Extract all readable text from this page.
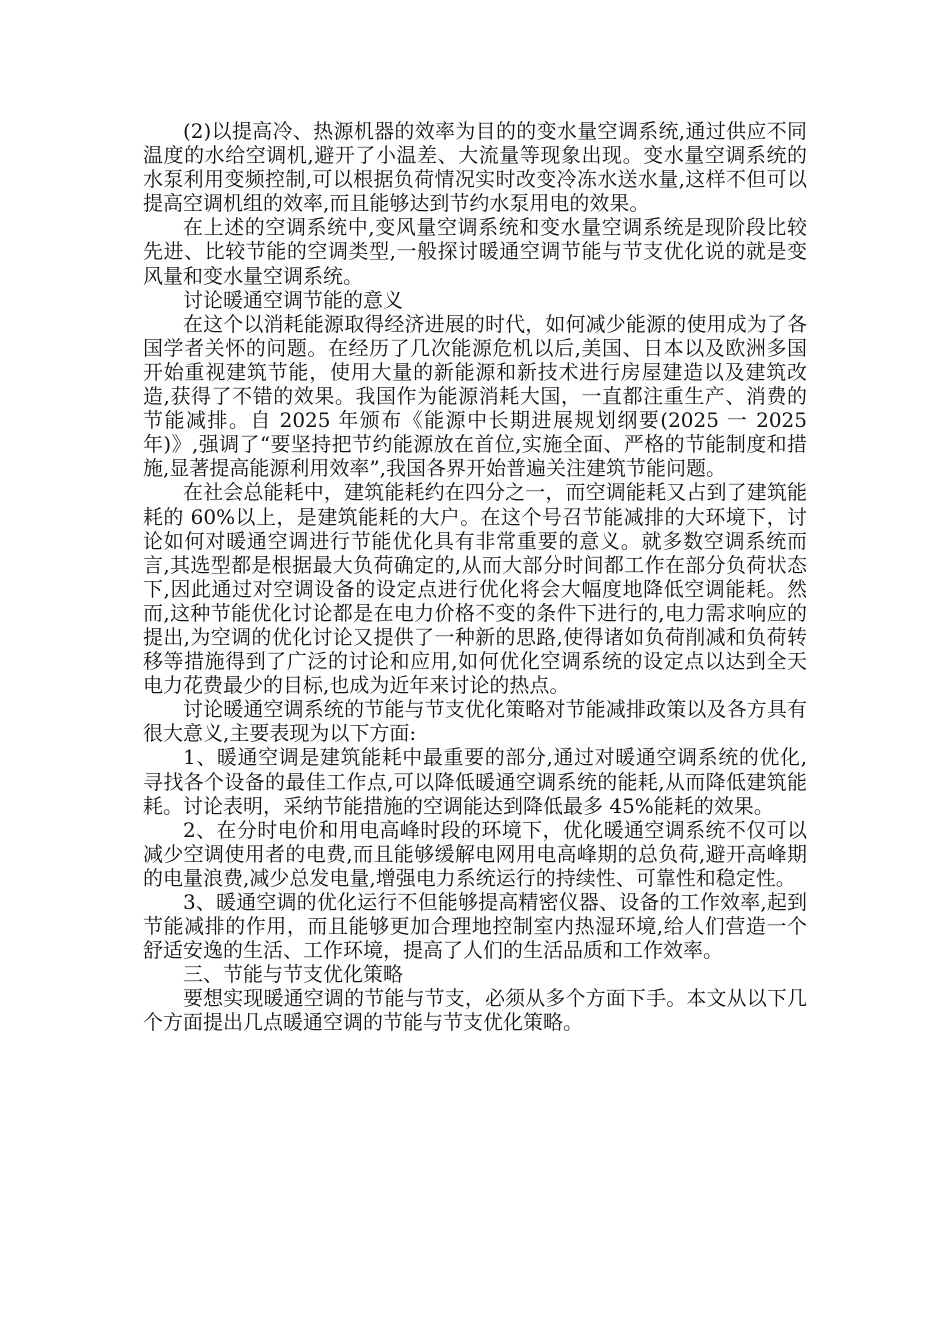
(2)以提高冷、热源机器的效率为目的的变水量空调系统,通过供应不同温度的水给空调机,避开了小温差、大流量等现象出现。变水量空调系统的水泵利用变频控制,可以根据负荷情况实时改变冷冻水送水量,这样不但可以提高空调机组的效率,而且能够达到节约水泵用电的效果。

在上述的空调系统中,变风量空调系统和变水量空调系统是现阶段比较先进、比较节能的空调类型,一般探讨暖通空调节能与节支优化说的就是变风量和变水量空调系统。

讨论暖通空调节能的意义

在这个以消耗能源取得经济进展的时代，如何减少能源的使用成为了各国学者关怀的问题。在经历了几次能源危机以后,美国、日本以及欧洲多国开始重视建筑节能，使用大量的新能源和新技术进行房屋建造以及建筑改造,获得了不错的效果。我国作为能源消耗大国，一直都注重生产、消费的节能减排。自 2025 年颁布《能源中长期进展规划纲要(2025 一 2025 年)》,强调了“要坚持把节约能源放在首位,实施全面、严格的节能制度和措施,显著提高能源利用效率”,我国各界开始普遍关注建筑节能问题。

在社会总能耗中，建筑能耗约在四分之一，而空调能耗又占到了建筑能耗的 60%以上，是建筑能耗的大户。在这个号召节能减排的大环境下，讨论如何对暖通空调进行节能优化具有非常重要的意义。就多数空调系统而言,其选型都是根据最大负荷确定的,从而大部分时间都工作在部分负荷状态下,因此通过对空调设备的设定点进行优化将会大幅度地降低空调能耗。然而,这种节能优化讨论都是在电力价格不变的条件下进行的,电力需求响应的提出,为空调的优化讨论又提供了一种新的思路,使得诸如负荷削减和负荷转移等措施得到了广泛的讨论和应用,如何优化空调系统的设定点以达到全天电力花费最少的目标,也成为近年来讨论的热点。

讨论暖通空调系统的节能与节支优化策略对节能减排政策以及各方具有很大意义,主要表现为以下方面:

1、暖通空调是建筑能耗中最重要的部分,通过对暖通空调系统的优化,寻找各个设备的最佳工作点,可以降低暖通空调系统的能耗,从而降低建筑能耗。讨论表明，采纳节能措施的空调能达到降低最多 45%能耗的效果。

2、在分时电价和用电高峰时段的环境下，优化暖通空调系统不仅可以减少空调使用者的电费,而且能够缓解电网用电高峰期的总负荷,避开高峰期的电量浪费,减少总发电量,增强电力系统运行的持续性、可靠性和稳定性。

3、暖通空调的优化运行不但能够提高精密仪器、设备的工作效率,起到节能减排的作用，而且能够更加合理地控制室内热湿环境,给人们营造一个舒适安逸的生活、工作环境，提高了人们的生活品质和工作效率。

三、节能与节支优化策略

要想实现暖通空调的节能与节支，必须从多个方面下手。本文从以下几个方面提出几点暖通空调的节能与节支优化策略。
